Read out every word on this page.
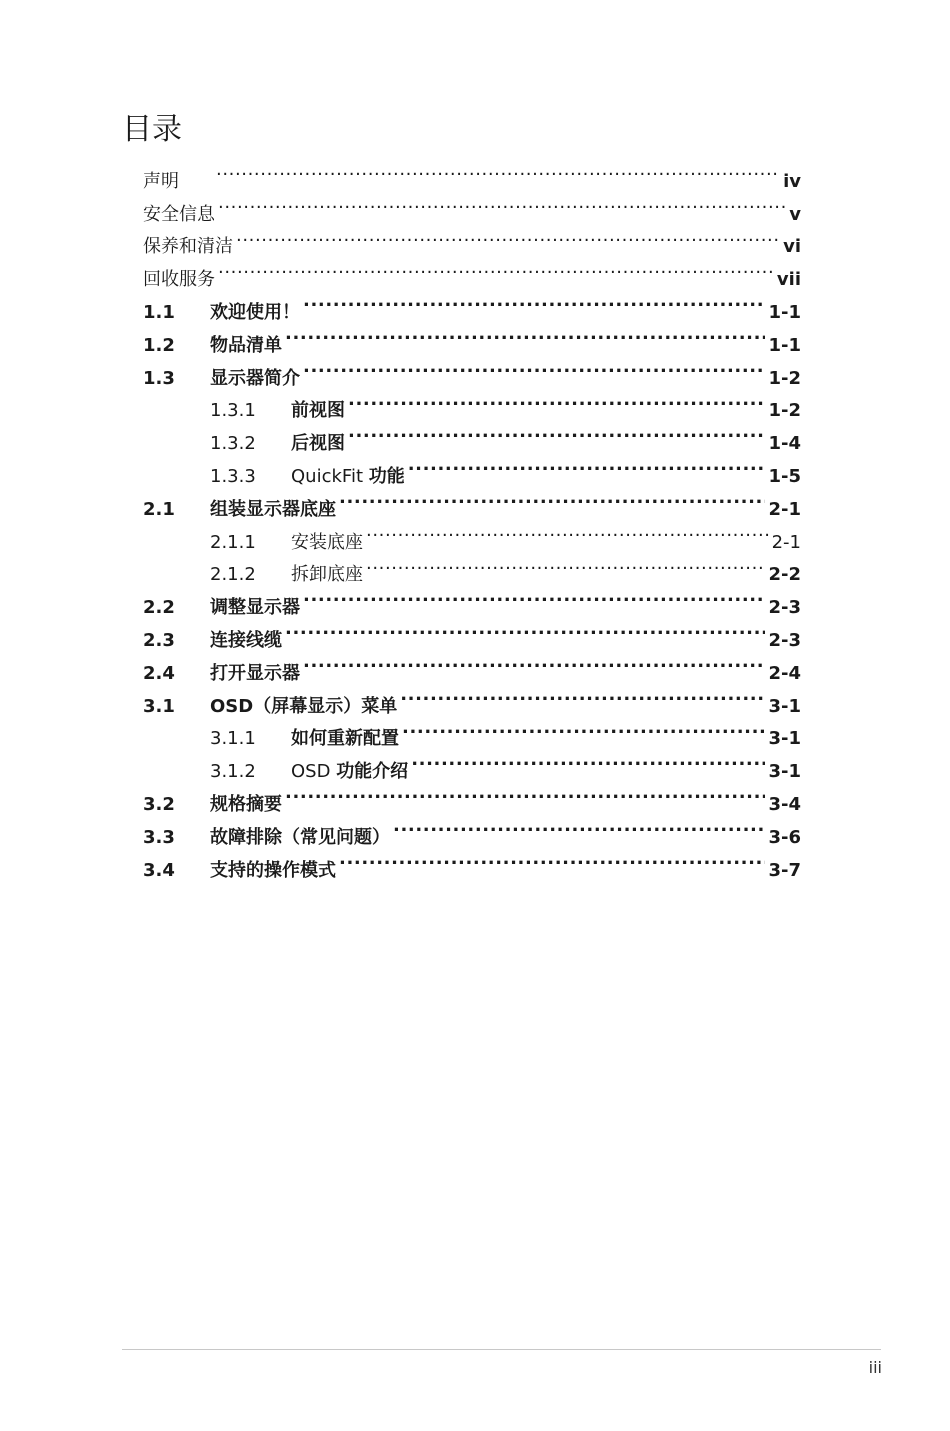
目录
声明 .....	iv
安全信息 .....	v
保养和清洁 .....	vi
回收服务 .....	vii
1.1	欢迎使用！ .....	1-1
1.2	物品清单 .....	1-1
1.3	显示器简介 .....	1-2
1.3.1	前视图 .....	1-2
1.3.2	后视图 .....	1-4
1.3.3	QuickFit 功能 .....	1-5
2.1	组装显示器底座 .....	2-1
2.1.1	安装底座 .....	2-1
2.1.2	拆卸底座 .....	2-2
2.2	调整显示器 .....	2-3
2.3	连接线缆 .....	2-3
2.4	打开显示器 .....	2-4
3.1	OSD（屏幕显示）菜单 .....	3-1
3.1.1	如何重新配置 .....	3-1
3.1.2	OSD 功能介绍 .....	3-1
3.2	规格摘要 .....	3-4
3.3	故障排除（常见问题） .....	3-6
3.4	支持的操作模式 .....	3-7
iii
